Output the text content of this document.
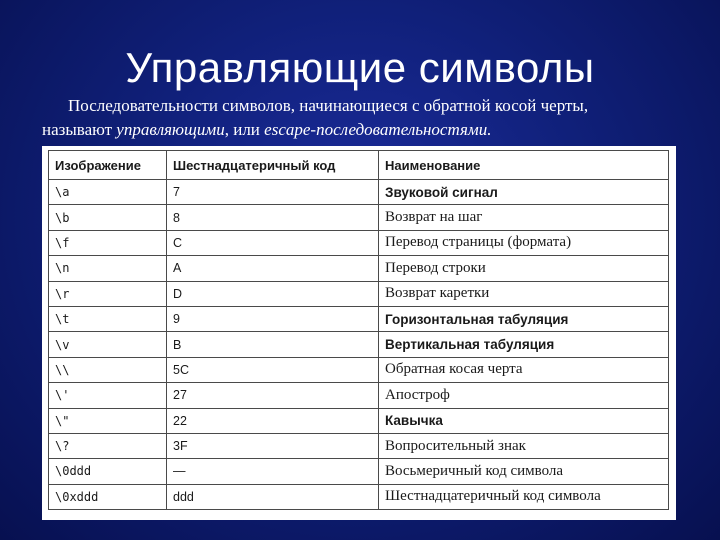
Управляющие символы
Последовательности символов, начинающиеся с обратной косой черты,
называют управляющими, или escape-последовательностями.
Изображение	Шестнадцатеричный код	Наименование
\a	7	Звуковой сигнал
\b	8	Возврат на шаг
\f	C	Перевод страницы (формата)
\n	A	Перевод строки
\r	D	Возврат каретки
\t	9	Горизонтальная табуляция
\v	B	Вертикальная табуляция
\\	5C	Обратная косая черта
\'	27	Апостроф
\"	22	Кавычка
\?	3F	Вопросительный знак
\0ddd	—	Восьмеричный код символа
\0xddd	ddd	Шестнадцатеричный код символа
